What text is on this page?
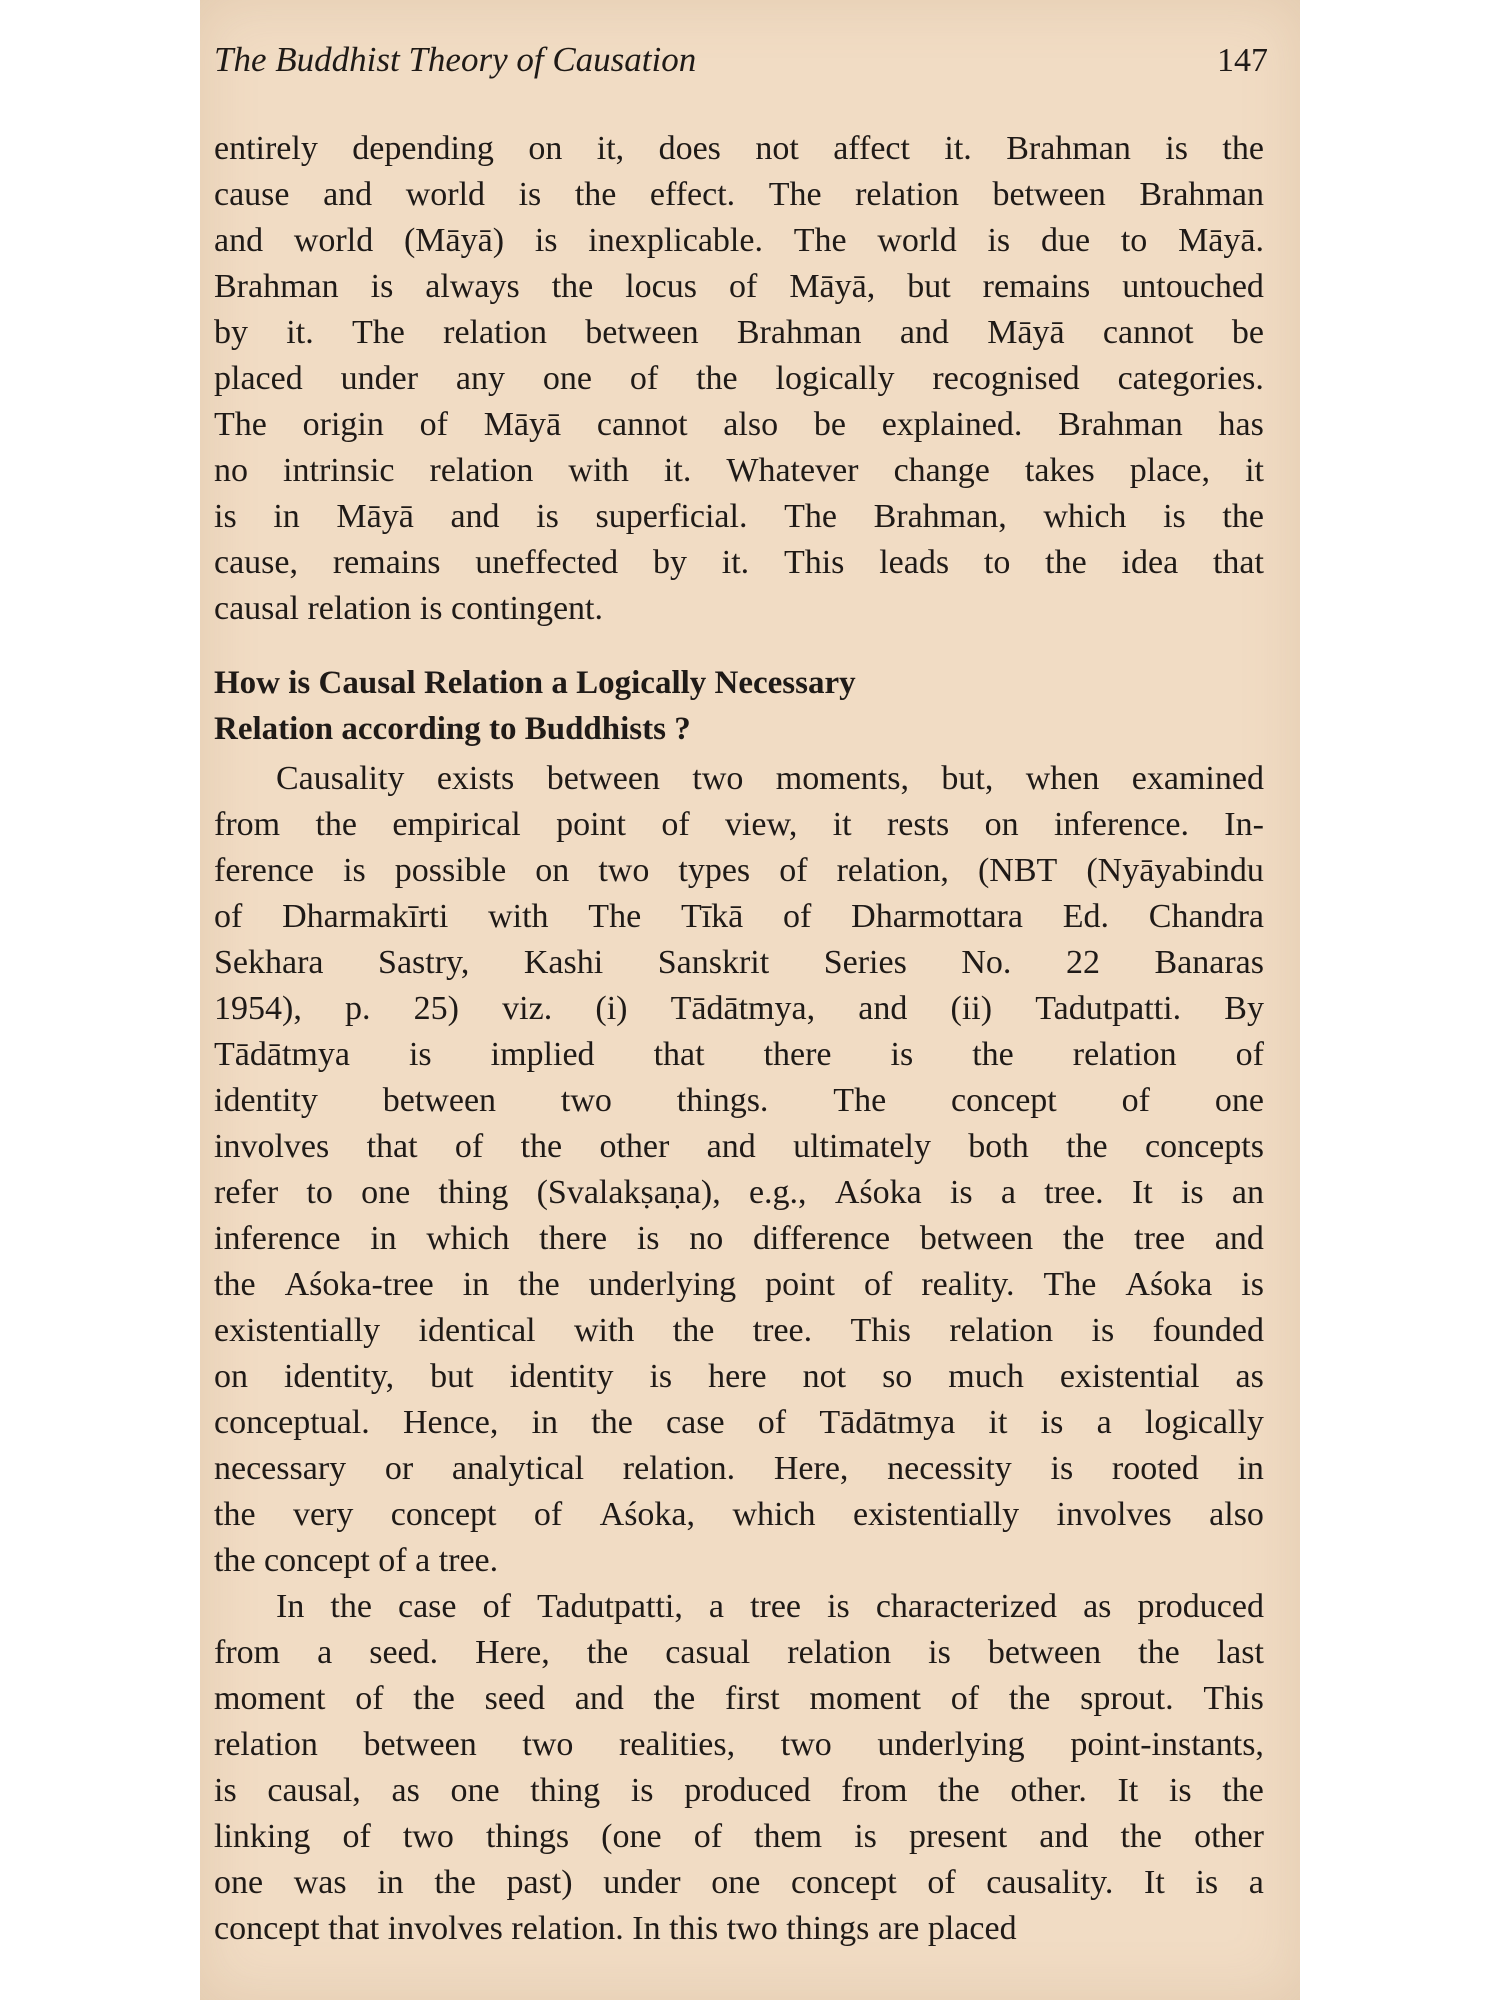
The Buddhist Theory of Causation	147
entirely depending on it, does not affect it. Brahman is the
cause and world is the effect. The relation between Brahman
and world (Māyā) is inexplicable. The world is due to Māyā.
Brahman is always the locus of Māyā, but remains untouched
by it. The relation between Brahman and Māyā cannot be
placed under any one of the logically recognised categories.
The origin of Māyā cannot also be explained. Brahman has
no intrinsic relation with it. Whatever change takes place, it
is in Māyā and is superficial. The Brahman, which is the
cause, remains uneffected by it. This leads to the idea that
causal relation is contingent.
How is Causal Relation a Logically Necessary
Relation according to Buddhists ?
Causality exists between two moments, but, when examined
from the empirical point of view, it rests on inference. In-
ference is possible on two types of relation, (NBT (Nyāyabindu
of Dharmakīrti with The Tīkā of Dharmottara Ed. Chandra
Sekhara Sastry, Kashi Sanskrit Series No. 22 Banaras
1954), p. 25) viz. (i) Tādātmya, and (ii) Tadutpatti. By
Tādātmya is implied that there is the relation of
identity between two things. The concept of one
involves that of the other and ultimately both the concepts
refer to one thing (Svalakṣaṇa), e.g., Aśoka is a tree. It is an
inference in which there is no difference between the tree and
the Aśoka-tree in the underlying point of reality. The Aśoka is
existentially identical with the tree. This relation is founded
on identity, but identity is here not so much existential as
conceptual. Hence, in the case of Tādātmya it is a logically
necessary or analytical relation. Here, necessity is rooted in
the very concept of Aśoka, which existentially involves also
the concept of a tree.
In the case of Tadutpatti, a tree is characterized as produced
from a seed. Here, the casual relation is between the last
moment of the seed and the first moment of the sprout. This
relation between two realities, two underlying point-instants,
is causal, as one thing is produced from the other. It is the
linking of two things (one of them is present and the other
one was in the past) under one concept of causality. It is a
concept that involves relation. In this two things are placed
